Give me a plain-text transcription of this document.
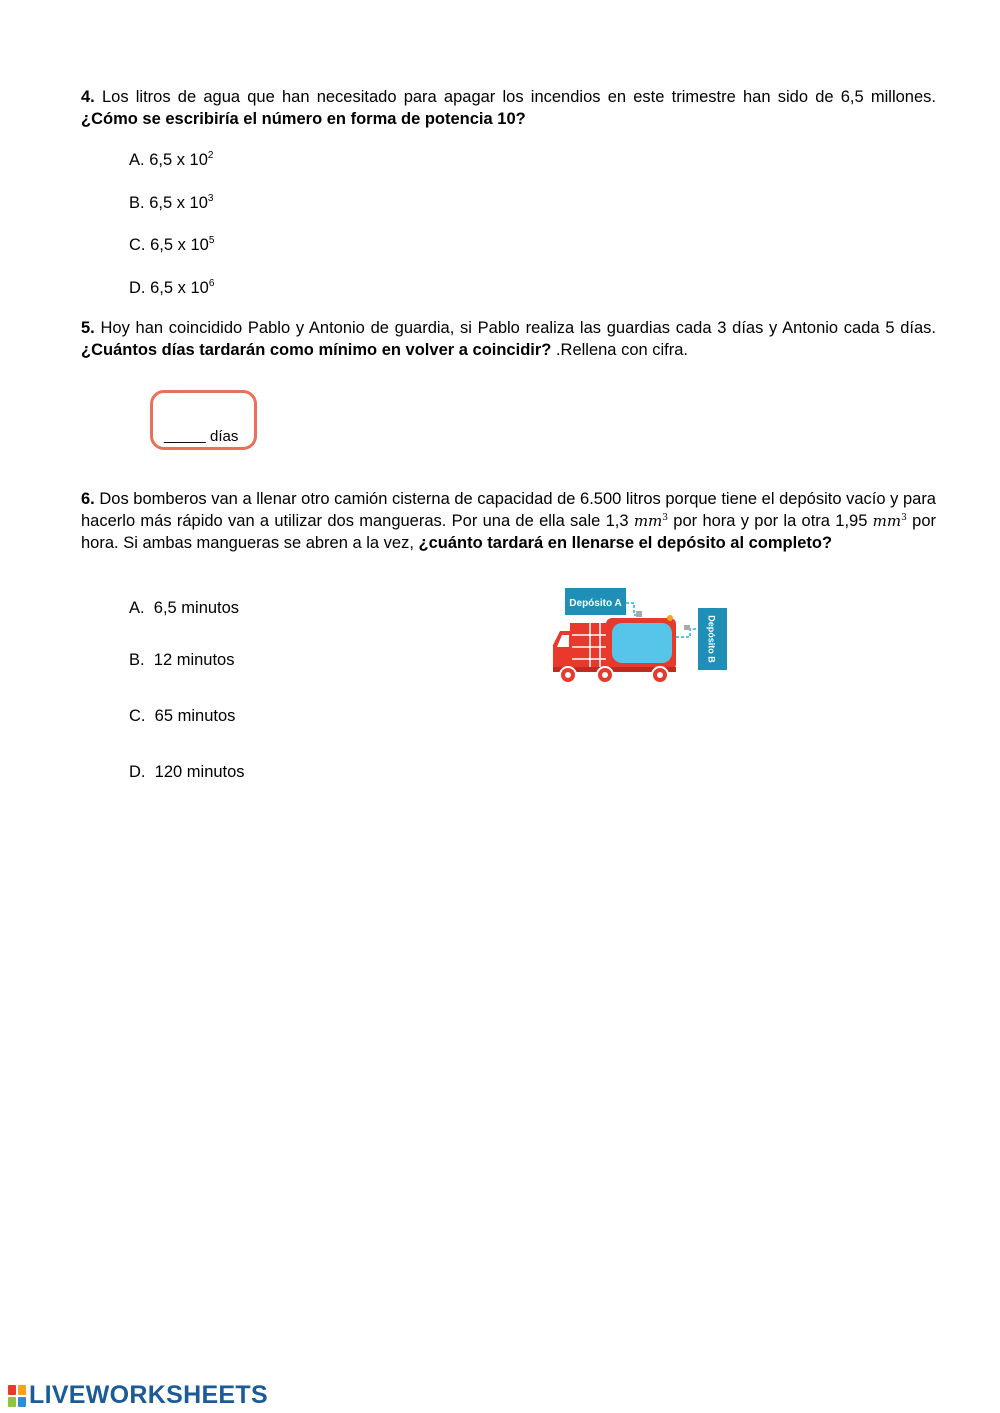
4. Los litros de agua que han necesitado para apagar los incendios en este trimestre han sido de 6,5 millones. ¿Cómo se escribiría el número en forma de potencia 10?
A. 6,5 x $10^2$
B. 6,5 x $10^3$
C. 6,5 x $10^5$
D. 6,5 x $10^6$
5. Hoy han coincidido Pablo y Antonio de guardia, si Pablo realiza las guardias cada 3 días y Antonio cada 5 días. ¿Cuántos días tardarán como mínimo en volver a coincidir? .Rellena con cifra.
_____ días
6. Dos bomberos van a llenar otro camión cisterna de capacidad de 6.500 litros porque tiene el depósito vacío y para hacerlo más rápido van a utilizar dos mangueras. Por una de ella sale 1,3 $mm^3$ por hora y por la otra 1,95 $mm^3$ por hora. Si ambas mangueras se abren a la vez, ¿cuánto tardará en llenarse el depósito al completo?
A. 6,5 minutos
B. 12 minutos
C. 65 minutos
D. 120 minutos
Depósito A
Depósito B
LIVEWORKSHEETS
